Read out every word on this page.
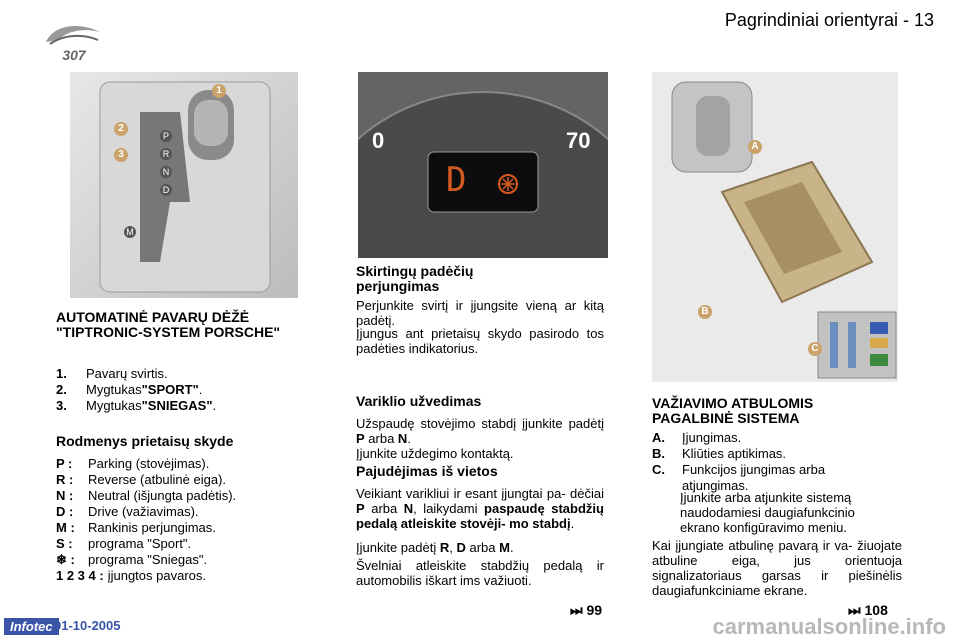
307
Pagrindiniai orientyrai - 13
1
2
3
P
R
N
D
M
AUTOMATINĖ PAVARŲ DĖŽĖ "TIPTRONIC-SYSTEM PORSCHE"
1.	Pavarų svirtis.
2.	Mygtukas "SPORT" .
3.	Mygtukas "SNIEGAS" .
Rodmenys prietaisų skyde
P :	Parking (stovėjimas).
R :	Reverse (atbulinė eiga).
N :	Neutral (išjungta padėtis).
D :	Drive (važiavimas).
M :	Rankinis perjungimas.
S :	programa "Sport".
❄ :	programa "Sniegas".
1 2 3 4 : įjungtos pavaros.
0	70
D
Skirtingų padėčių perjungimas
Perjunkite svirtį ir įjungsite vieną ar kitą padėtį.
Įjungus ant prietaisų skydo pasirodo tos padėties indikatorius.
Variklio užvedimas
Užspaudę stovėjimo stabdį įjunkite padėtį P arba N.
Įjunkite uždegimo kontaktą.
Pajudėjimas iš vietos
Veikiant varikliui ir esant įjungtai pa- dėčiai P arba N, laikydami paspaudę stabdžių pedalą atleiskite stovėji- mo stabdį.
Įjunkite padėtį R, D arba M.
Švelniai atleiskite stabdžių pedalą ir automobilis iškart ims važiuoti.
⏭ 99
A
B
C
VAŽIAVIMO ATBULOMIS PAGALBINĖ SISTEMA
A.	Įjungimas.
B.	Kliūties aptikimas.
C.	Funkcijos įjungimas arba atjungimas.
Įjunkite arba atjunkite sistemą naudodamiesi daugiafunkcinio ekrano konfigūravimo meniu.
Kai įjungiate atbulinę pavarą ir va- žiuojate atbuline eiga, jus orientuoja signalizatoriaus garsas ir piešinėlis daugiafunkciniame ekrane.
⏭ 108
Infotec 01-10-2005	carmanualsonline.info
